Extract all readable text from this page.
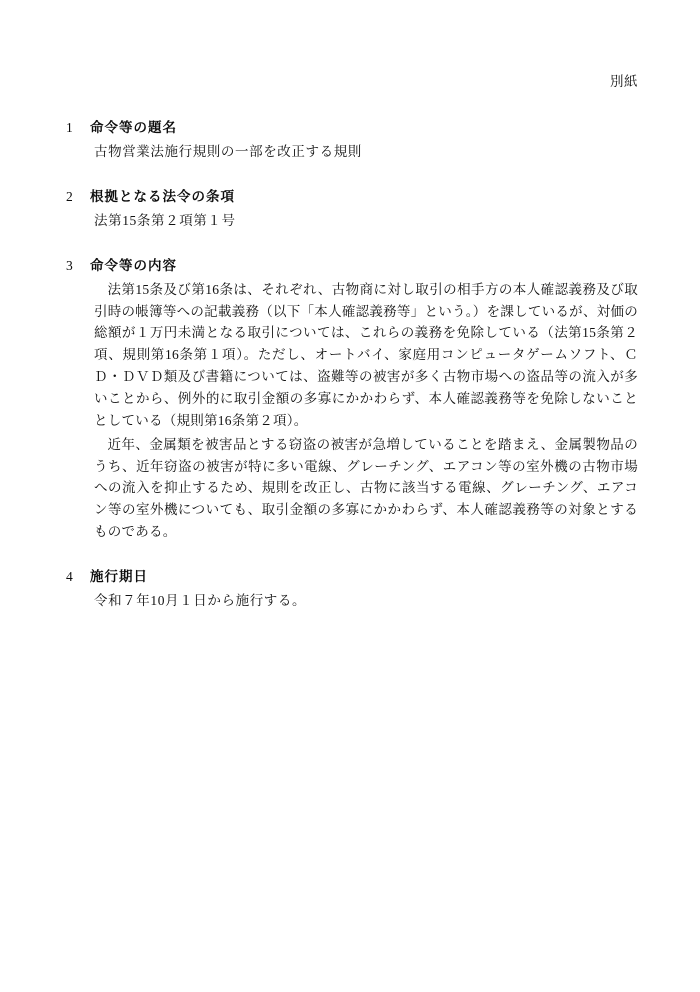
別紙
1	命令等の題名

古物営業法施行規則の一部を改正する規則

2	根拠となる法令の条項

法第15条第２項第１号

3	命令等の内容

法第15条及び第16条は、それぞれ、古物商に対し取引の相手方の本人確認義務及び取引時の帳簿等への記載義務（以下「本人確認義務等」という。）を課しているが、対価の総額が１万円未満となる取引については、これらの義務を免除している（法第15条第２項、規則第16条第１項）。ただし、オートバイ、家庭用コンピュータゲームソフト、ＣＤ・ＤＶＤ類及び書籍については、盗難等の被害が多く古物市場への盗品等の流入が多いことから、例外的に取引金額の多寡にかかわらず、本人確認義務等を免除しないこととしている（規則第16条第２項）。

近年、金属類を被害品とする窃盗の被害が急増していることを踏まえ、金属製物品のうち、近年窃盗の被害が特に多い電線、グレーチング、エアコン等の室外機の古物市場への流入を抑止するため、規則を改正し、古物に該当する電線、グレーチング、エアコン等の室外機についても、取引金額の多寡にかかわらず、本人確認義務等の対象とするものである。

4	施行期日

令和７年10月１日から施行する。
